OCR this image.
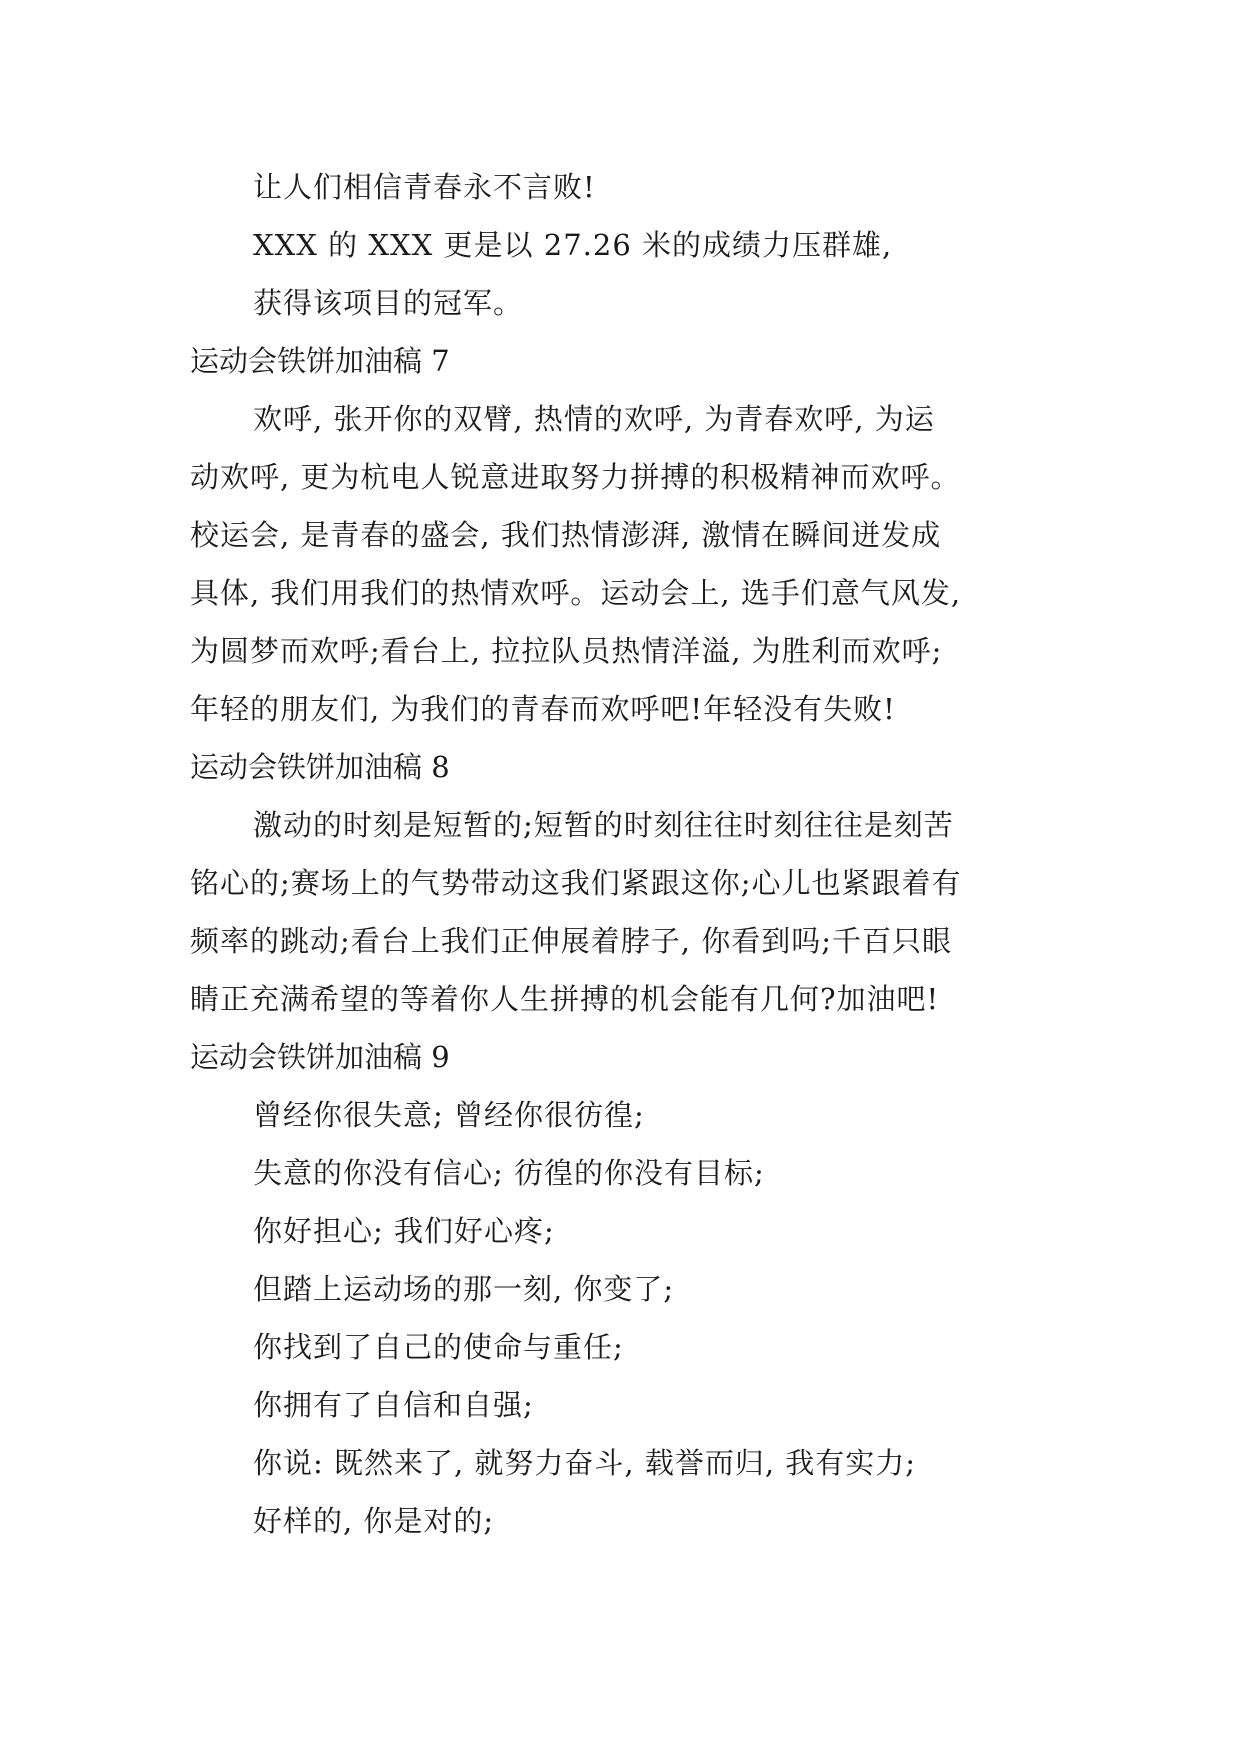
让人们相信青春永不言败!
XXX 的 XXX 更是以 27.26 米的成绩力压群雄,
获得该项目的冠军。
运动会铁饼加油稿 7
欢呼, 张开你的双臂, 热情的欢呼, 为青春欢呼, 为运
动欢呼, 更为杭电人锐意进取努力拼搏的积极精神而欢呼。
校运会, 是青春的盛会, 我们热情澎湃, 激情在瞬间迸发成
具体, 我们用我们的热情欢呼。运动会上, 选手们意气风发,
为圆梦而欢呼;看台上, 拉拉队员热情洋溢, 为胜利而欢呼;
年轻的朋友们, 为我们的青春而欢呼吧!年轻没有失败!
运动会铁饼加油稿 8
激动的时刻是短暂的;短暂的时刻往往时刻往往是刻苦
铭心的;赛场上的气势带动这我们紧跟这你;心儿也紧跟着有
频率的跳动;看台上我们正伸展着脖子, 你看到吗;千百只眼
睛正充满希望的等着你人生拼搏的机会能有几何?加油吧!
运动会铁饼加油稿 9
曾经你很失意; 曾经你很彷徨;
失意的你没有信心; 彷徨的你没有目标;
你好担心; 我们好心疼;
但踏上运动场的那一刻, 你变了;
你找到了自己的使命与重任;
你拥有了自信和自强;
你说: 既然来了, 就努力奋斗, 载誉而归, 我有实力;
好样的, 你是对的;
